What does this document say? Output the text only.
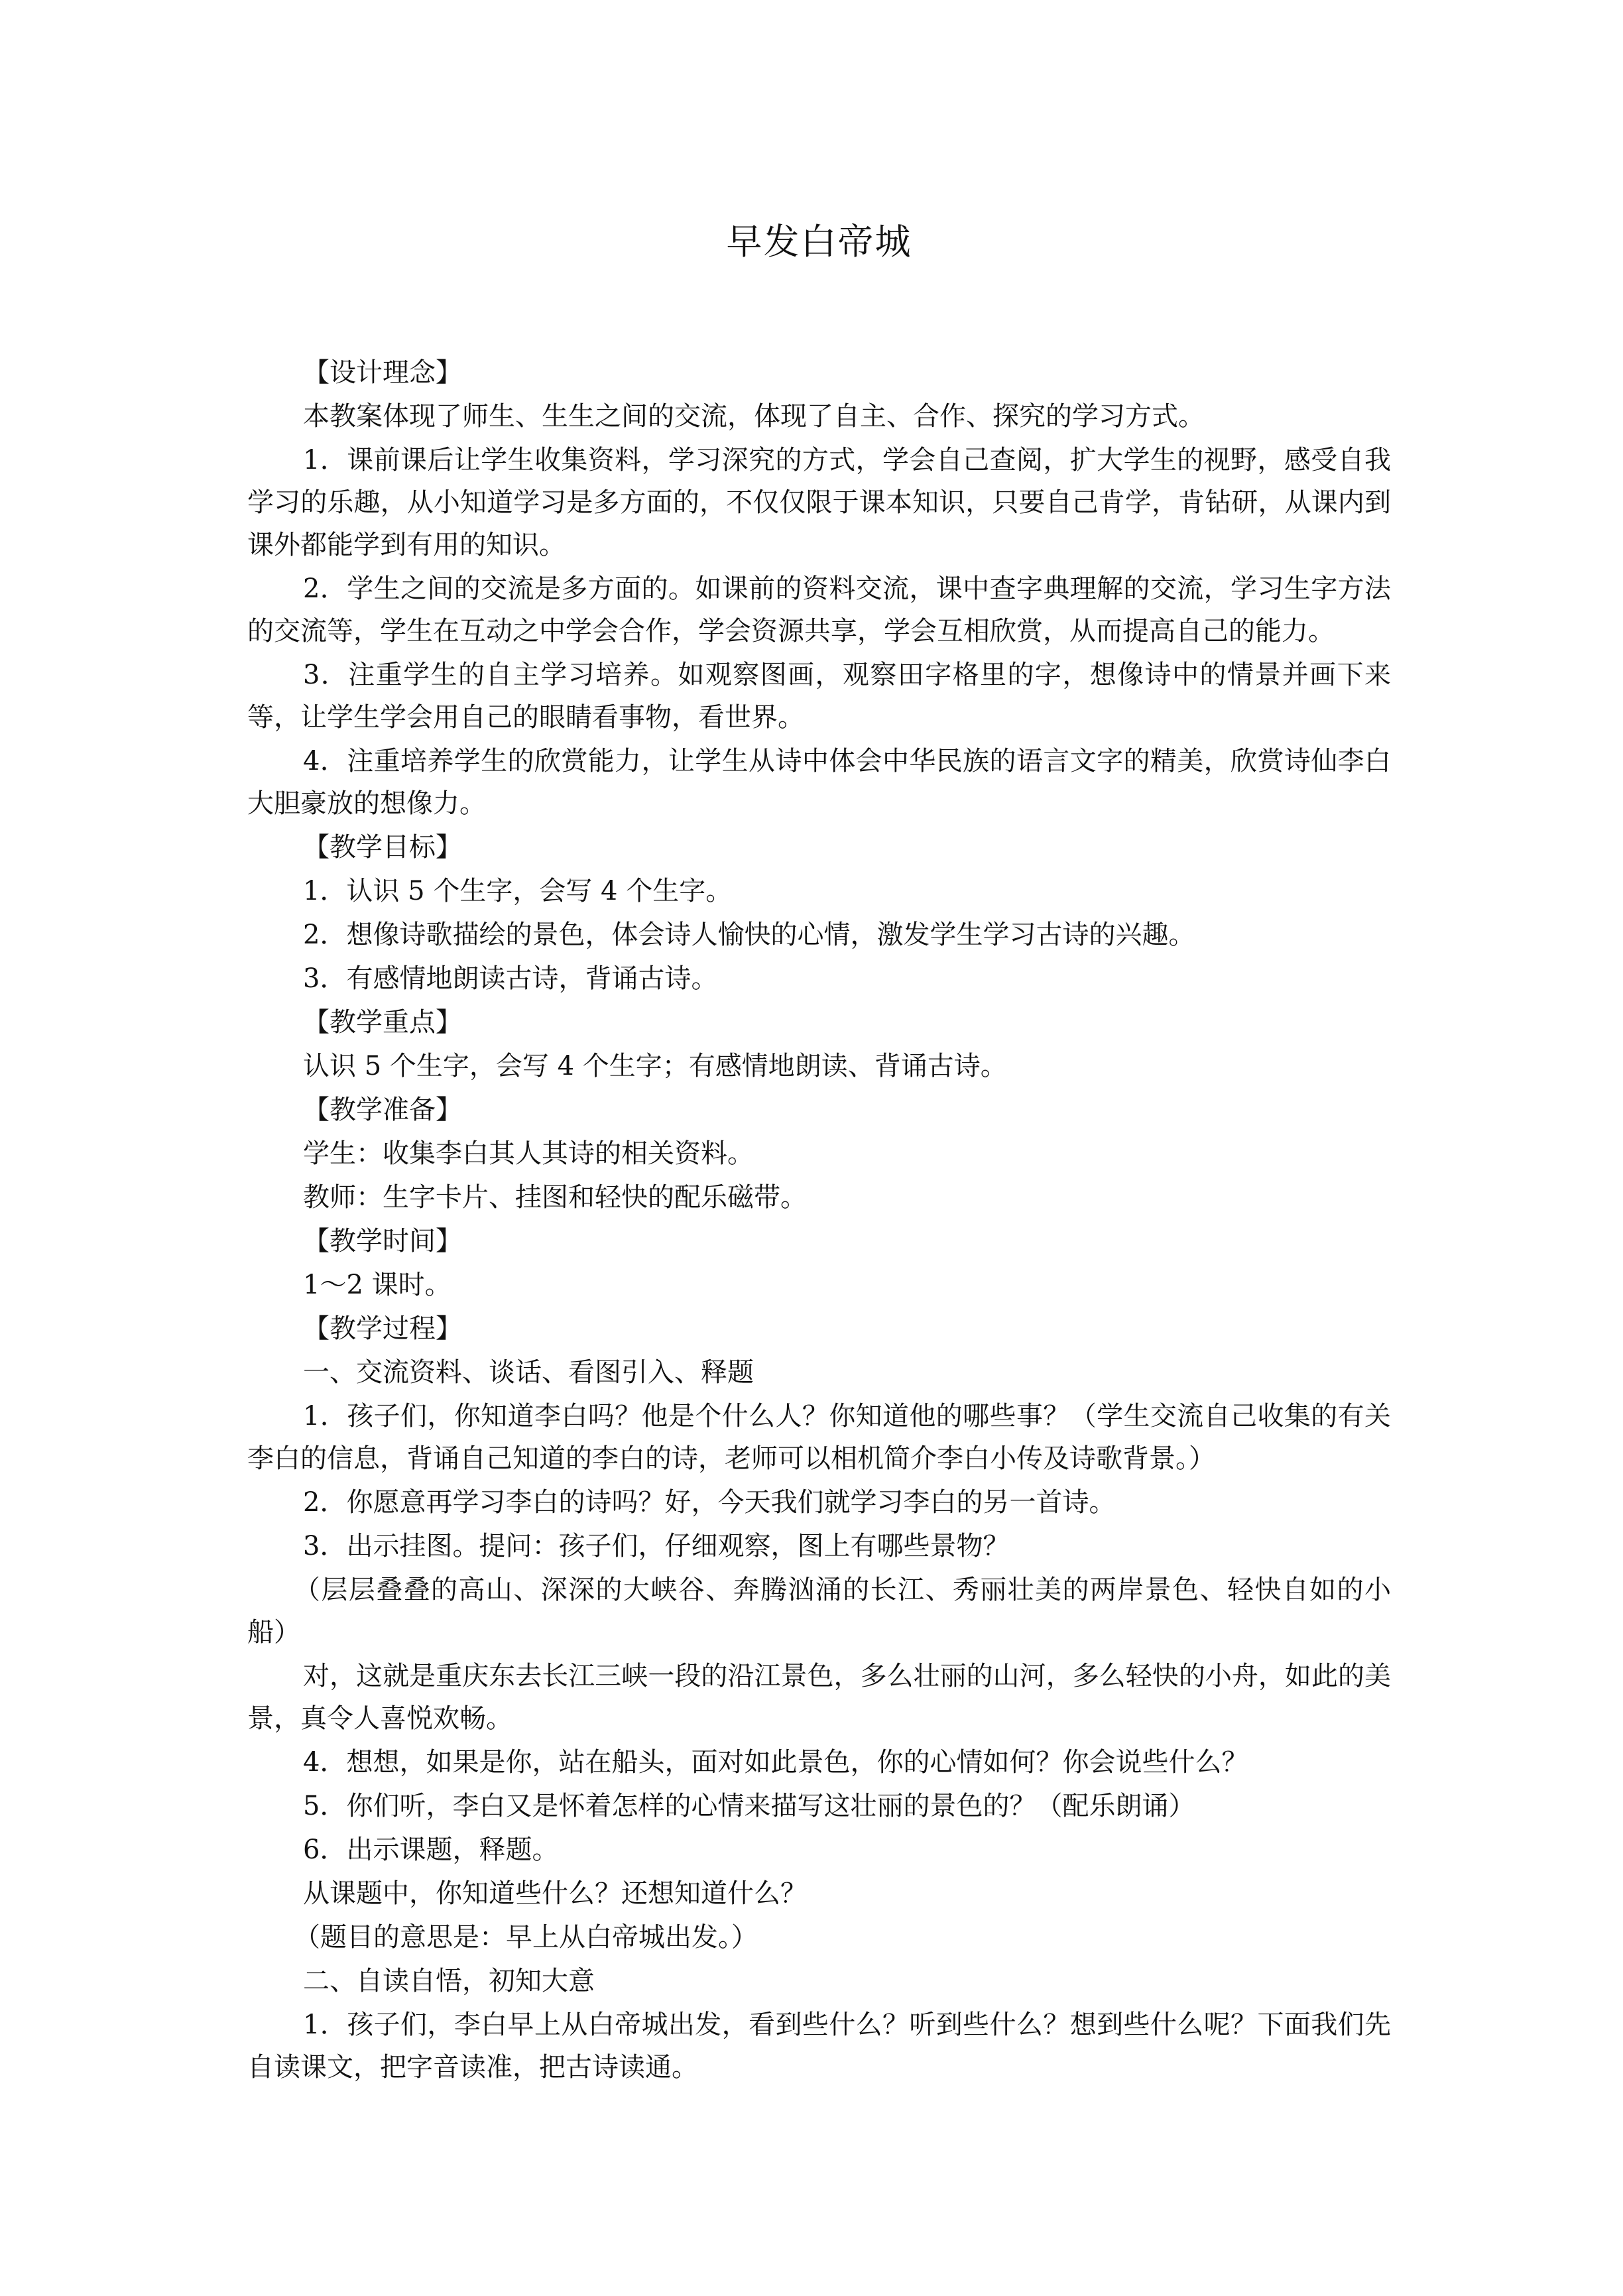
早发白帝城

【设计理念】

本教案体现了师生、生生之间的交流，体现了自主、合作、探究的学习方式。

1．课前课后让学生收集资料，学习深究的方式，学会自己查阅，扩大学生的视野，感受自我学习的乐趣，从小知道学习是多方面的，不仅仅限于课本知识，只要自己肯学，肯钻研，从课内到课外都能学到有用的知识。

2．学生之间的交流是多方面的。如课前的资料交流，课中查字典理解的交流，学习生字方法的交流等，学生在互动之中学会合作，学会资源共享，学会互相欣赏，从而提高自己的能力。

3．注重学生的自主学习培养。如观察图画，观察田字格里的字，想像诗中的情景并画下来等，让学生学会用自己的眼睛看事物，看世界。

4．注重培养学生的欣赏能力，让学生从诗中体会中华民族的语言文字的精美，欣赏诗仙李白大胆豪放的想像力。

【教学目标】

1．认识 5 个生字，会写 4 个生字。

2．想像诗歌描绘的景色，体会诗人愉快的心情，激发学生学习古诗的兴趣。

3．有感情地朗读古诗，背诵古诗。

【教学重点】

认识 5 个生字，会写 4 个生字；有感情地朗读、背诵古诗。

【教学准备】

学生：收集李白其人其诗的相关资料。

教师：生字卡片、挂图和轻快的配乐磁带。

【教学时间】

1～2 课时。

【教学过程】

一、交流资料、谈话、看图引入、释题

1．孩子们，你知道李白吗？他是个什么人？你知道他的哪些事？（学生交流自己收集的有关李白的信息，背诵自己知道的李白的诗，老师可以相机简介李白小传及诗歌背景。）

2．你愿意再学习李白的诗吗？好，今天我们就学习李白的另一首诗。

3．出示挂图。提问：孩子们，仔细观察，图上有哪些景物？

（层层叠叠的高山、深深的大峡谷、奔腾汹涌的长江、秀丽壮美的两岸景色、轻快自如的小船）

对，这就是重庆东去长江三峡一段的沿江景色，多么壮丽的山河，多么轻快的小舟，如此的美景，真令人喜悦欢畅。

4．想想，如果是你，站在船头，面对如此景色，你的心情如何？你会说些什么？

5．你们听，李白又是怀着怎样的心情来描写这壮丽的景色的？（配乐朗诵）

6．出示课题，释题。

从课题中，你知道些什么？还想知道什么？

（题目的意思是：早上从白帝城出发。）

二、自读自悟，初知大意

1．孩子们，李白早上从白帝城出发，看到些什么？听到些什么？想到些什么呢？下面我们先自读课文，把字音读准，把古诗读通。
